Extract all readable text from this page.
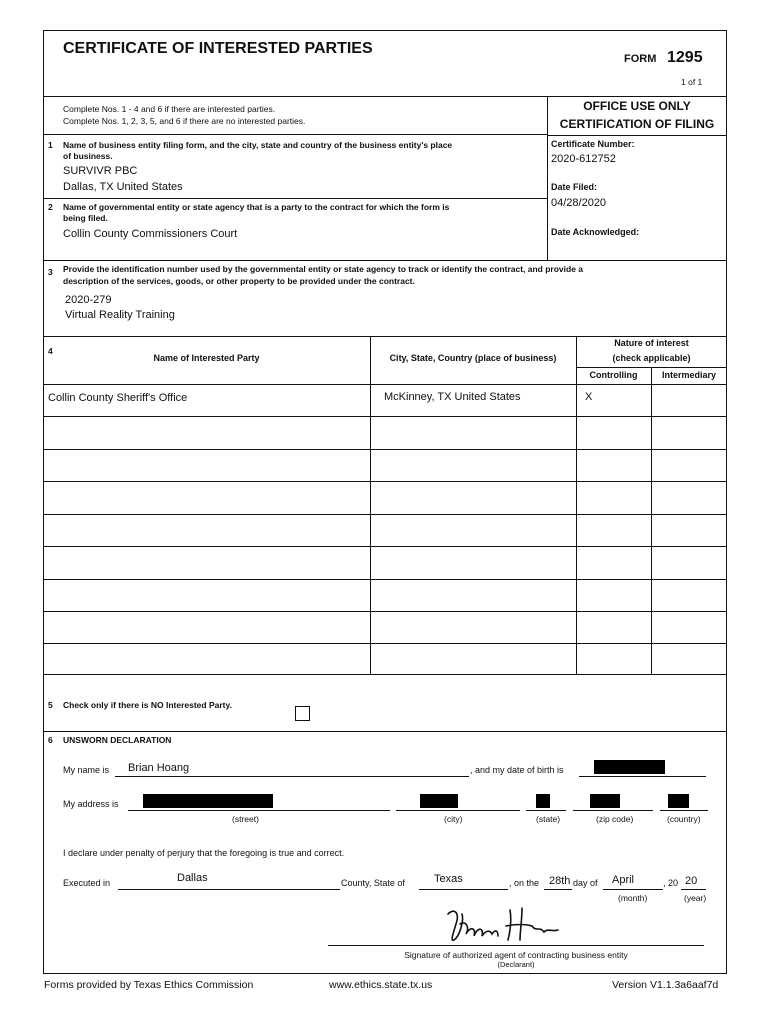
CERTIFICATE OF INTERESTED PARTIES
FORM 1295
1 of 1
OFFICE USE ONLY
CERTIFICATION OF FILING
Certificate Number:
2020-612752
Date Filed:
04/28/2020
Date Acknowledged:
Complete Nos. 1 - 4 and 6 if there are interested parties.
Complete Nos. 1, 2, 3, 5, and 6 if there are no interested parties.
1 Name of business entity filing form, and the city, state and country of the business entity's place
of business.
SURVIVR PBC
Dallas, TX United States
2 Name of governmental entity or state agency that is a party to the contract for which the form is
being filed.
Collin County Commissioners Court
3 Provide the identification number used by the governmental entity or state agency to track or identify the contract, and provide a
description of the services, goods, or other property to be provided under the contract.
2020-279
Virtual Reality Training
4
Name of Interested Party	City, State, Country (place of business)
Nature of interest
(check applicable)
Controlling	Intermediary
Collin County Sheriff's Office	McKinney, TX United States	X
5 Check only if there is NO Interested Party.
6 UNSWORN DECLARATION
My name is Brian Hoang	, and my date of birth is
My address is
(street)	(city)	(state)	(zip code)	(country)
I declare under penalty of perjury that the foregoing is true and correct.
Executed in	Dallas	County, State of	Texas	, on the 28th day of April	, 20 20
(month)	(year)
Signature of authorized agent of contracting business entity
(Declarant)
Forms provided by Texas Ethics Commission	www.ethics.state.tx.us	Version V1.1.3a6aaf7d
